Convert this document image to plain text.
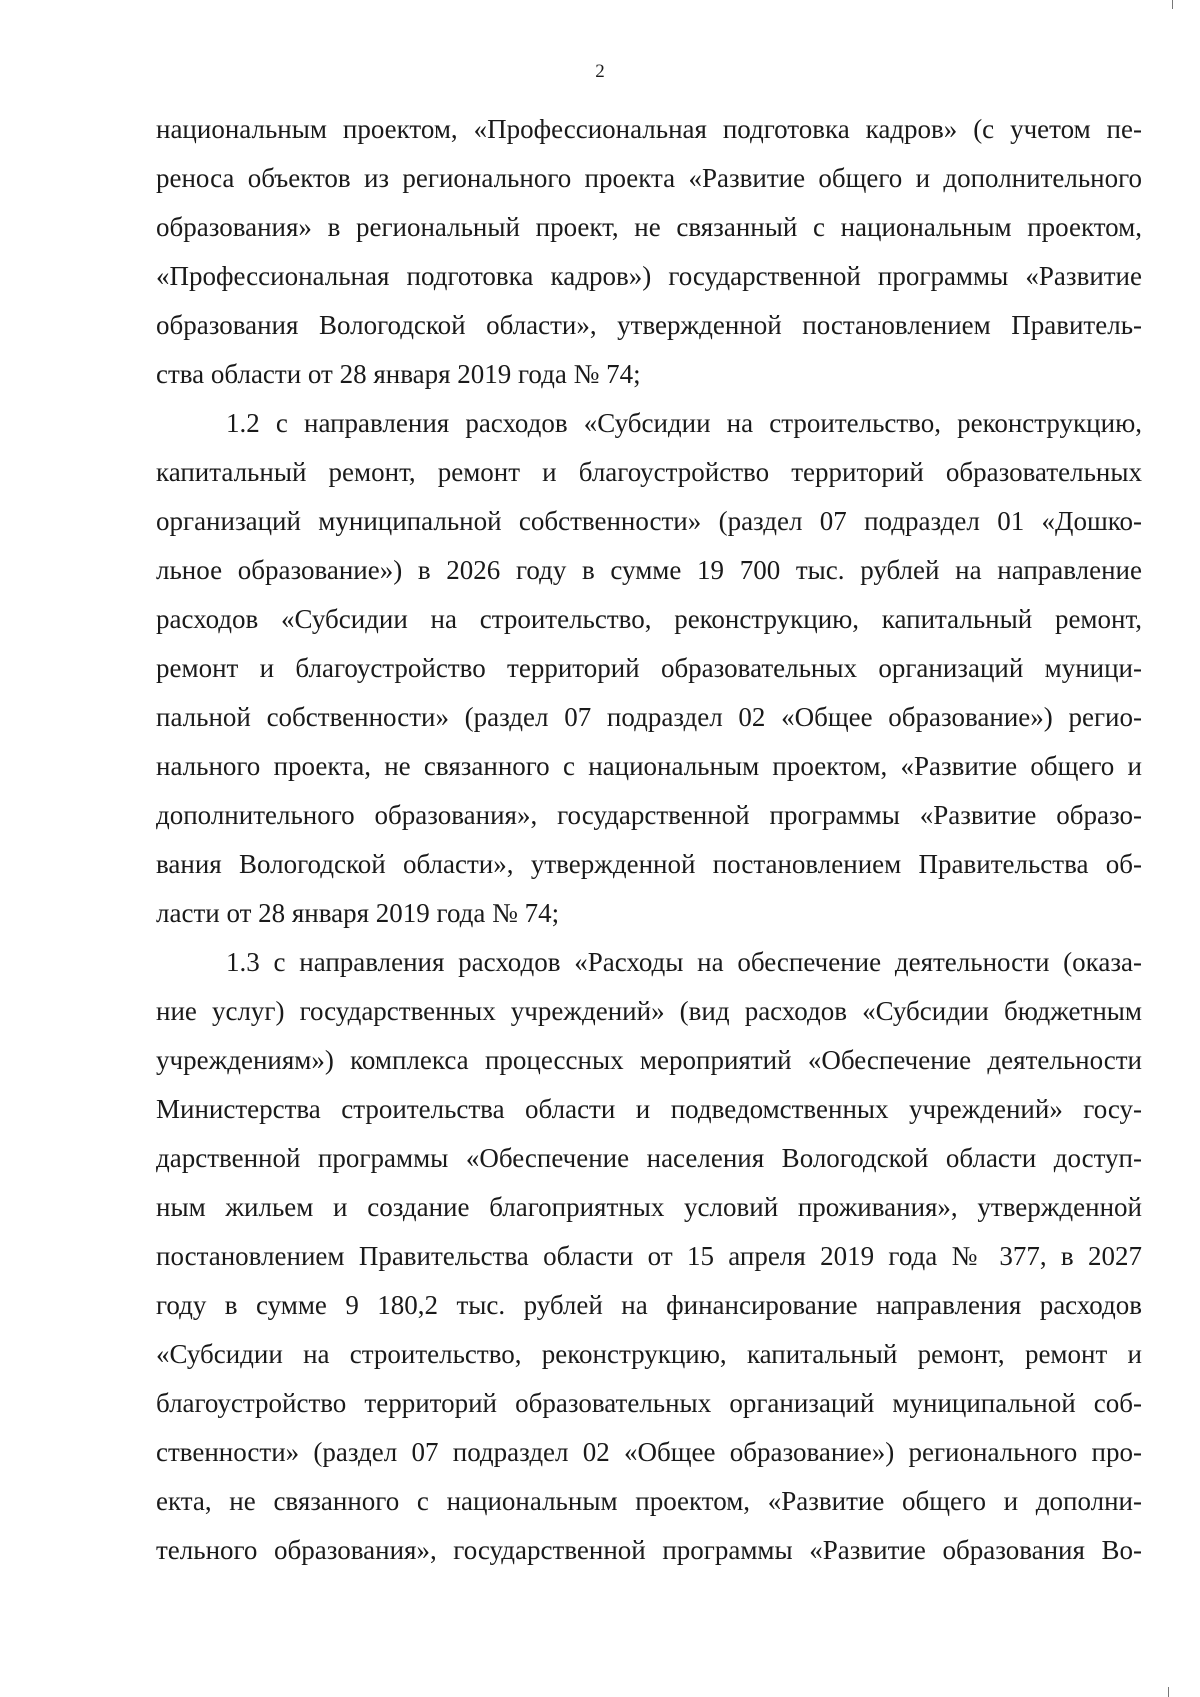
2
национальным проектом, «Профессиональная подготовка кадров» (с учетом пе-
реноса объектов из регионального проекта «Развитие общего и дополнительного
образования» в региональный проект, не связанный с национальным проектом,
«Профессиональная подготовка кадров») государственной программы «Развитие
образования Вологодской области», утвержденной постановлением Правитель-
ства области от 28 января 2019 года № 74;
1.2 с направления расходов «Субсидии на строительство, реконструкцию,
капитальный ремонт, ремонт и благоустройство территорий образовательных
организаций муниципальной собственности» (раздел 07 подраздел 01 «Дошко-
льное образование») в 2026 году в сумме 19 700 тыс. рублей на направление
расходов «Субсидии на строительство, реконструкцию, капитальный ремонт,
ремонт и благоустройство территорий образовательных организаций муници-
пальной собственности» (раздел 07 подраздел 02 «Общее образование») регио-
нального проекта, не связанного с национальным проектом, «Развитие общего и
дополнительного образования», государственной программы «Развитие образо-
вания Вологодской области», утвержденной постановлением Правительства об-
ласти от 28 января 2019 года № 74;
1.3 с направления расходов «Расходы на обеспечение деятельности (оказа-
ние услуг) государственных учреждений» (вид расходов «Субсидии бюджетным
учреждениям») комплекса процессных мероприятий «Обеспечение деятельности
Министерства строительства области и подведомственных учреждений» госу-
дарственной программы «Обеспечение населения Вологодской области доступ-
ным жильем и создание благоприятных условий проживания», утвержденной
постановлением Правительства области от 15 апреля 2019 года № 377, в 2027
году в сумме 9 180,2 тыс. рублей на финансирование направления расходов
«Субсидии на строительство, реконструкцию, капитальный ремонт, ремонт и
благоустройство территорий образовательных организаций муниципальной соб-
ственности» (раздел 07 подраздел 02 «Общее образование») регионального про-
екта, не связанного с национальным проектом, «Развитие общего и дополни-
тельного образования», государственной программы «Развитие образования Во-
